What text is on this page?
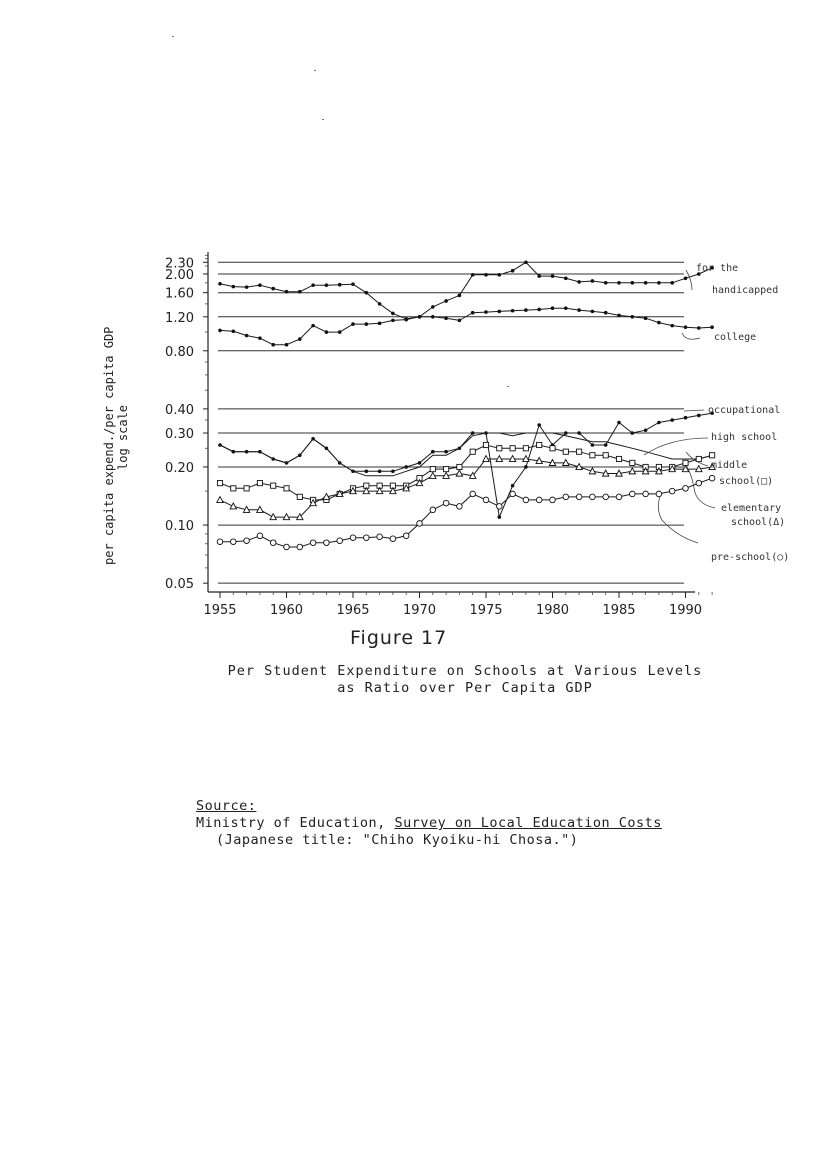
0.05
0.10
0.20
0.30
0.40
0.80
1.20
1.60
2.00
2.30
1955	1960	1965	1970	1975	1980	1985	1990
for the
handicapped
college
occupational
high school
middle
school(□)
elementary
school(Δ)
pre-school(○)
per capita expend./per capita GDP log scale
Figure 17
Per Student Expenditure on Schools at Various Levels
as Ratio over Per Capita GDP
Source:
Ministry of Education, Survey on Local Education Costs
(Japanese title: "Chiho Kyoiku-hi Chosa.")
